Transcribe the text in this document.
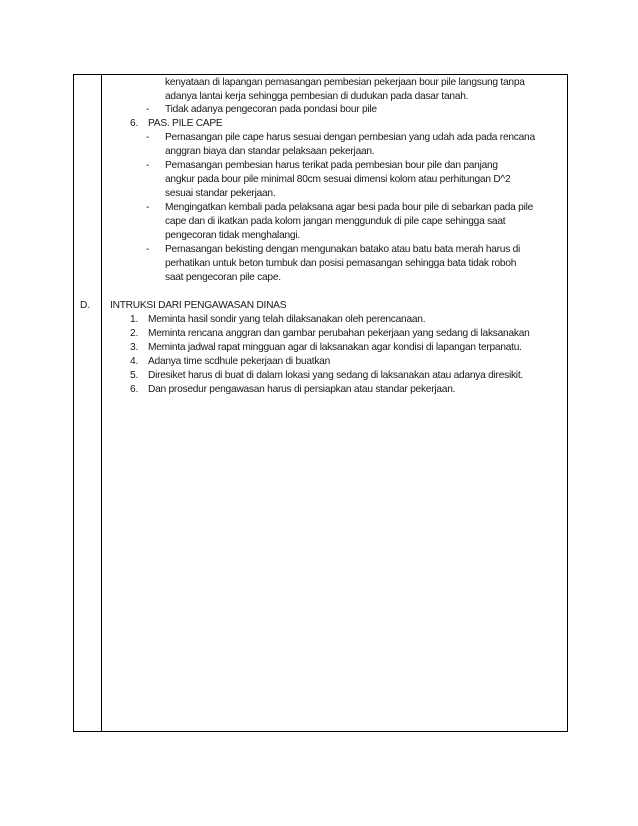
kenyataan di lapangan pemasangan pembesian pekerjaan bour pile langsung tanpa
adanya lantai kerja sehingga pembesian di dudukan pada dasar tanah.
- Tidak adanya pengecoran pada pondasi bour pile
6. PAS. PILE CAPE
- Pemasangan pile cape harus sesuai dengan pembesian yang udah ada pada rencana
anggran biaya dan standar pelaksaan pekerjaan.
- Pemasangan pembesian harus terikat pada pembesian bour pile dan panjang
angkur pada bour pile minimal 80cm sesuai dimensi kolom atau perhitungan D^2
sesuai standar pekerjaan.
- Mengingatkan kembali pada pelaksana agar besi pada bour pile di sebarkan pada pile
cape dan di ikatkan pada kolom jangan menggunduk di pile cape sehingga saat
pengecoran tidak menghalangi.
- Pemasangan bekisting dengan mengunakan batako atau batu bata merah harus di
perhatikan untuk beton tumbuk dan posisi pemasangan sehingga bata tidak roboh
saat pengecoran pile cape.
D. INTRUKSI DARI PENGAWASAN DINAS
1. Meminta hasil sondir yang telah dilaksanakan oleh perencanaan.
2. Meminta rencana anggran dan gambar perubahan pekerjaan yang sedang di laksanakan
3. Meminta jadwal rapat mingguan agar di laksanakan agar kondisi di lapangan terpanatu.
4. Adanya time scdhule pekerjaan di buatkan
5. Diresiket harus di buat di dalam lokasi yang sedang di laksanakan atau adanya diresikit.
6. Dan prosedur pengawasan harus di persiapkan atau standar pekerjaan.
